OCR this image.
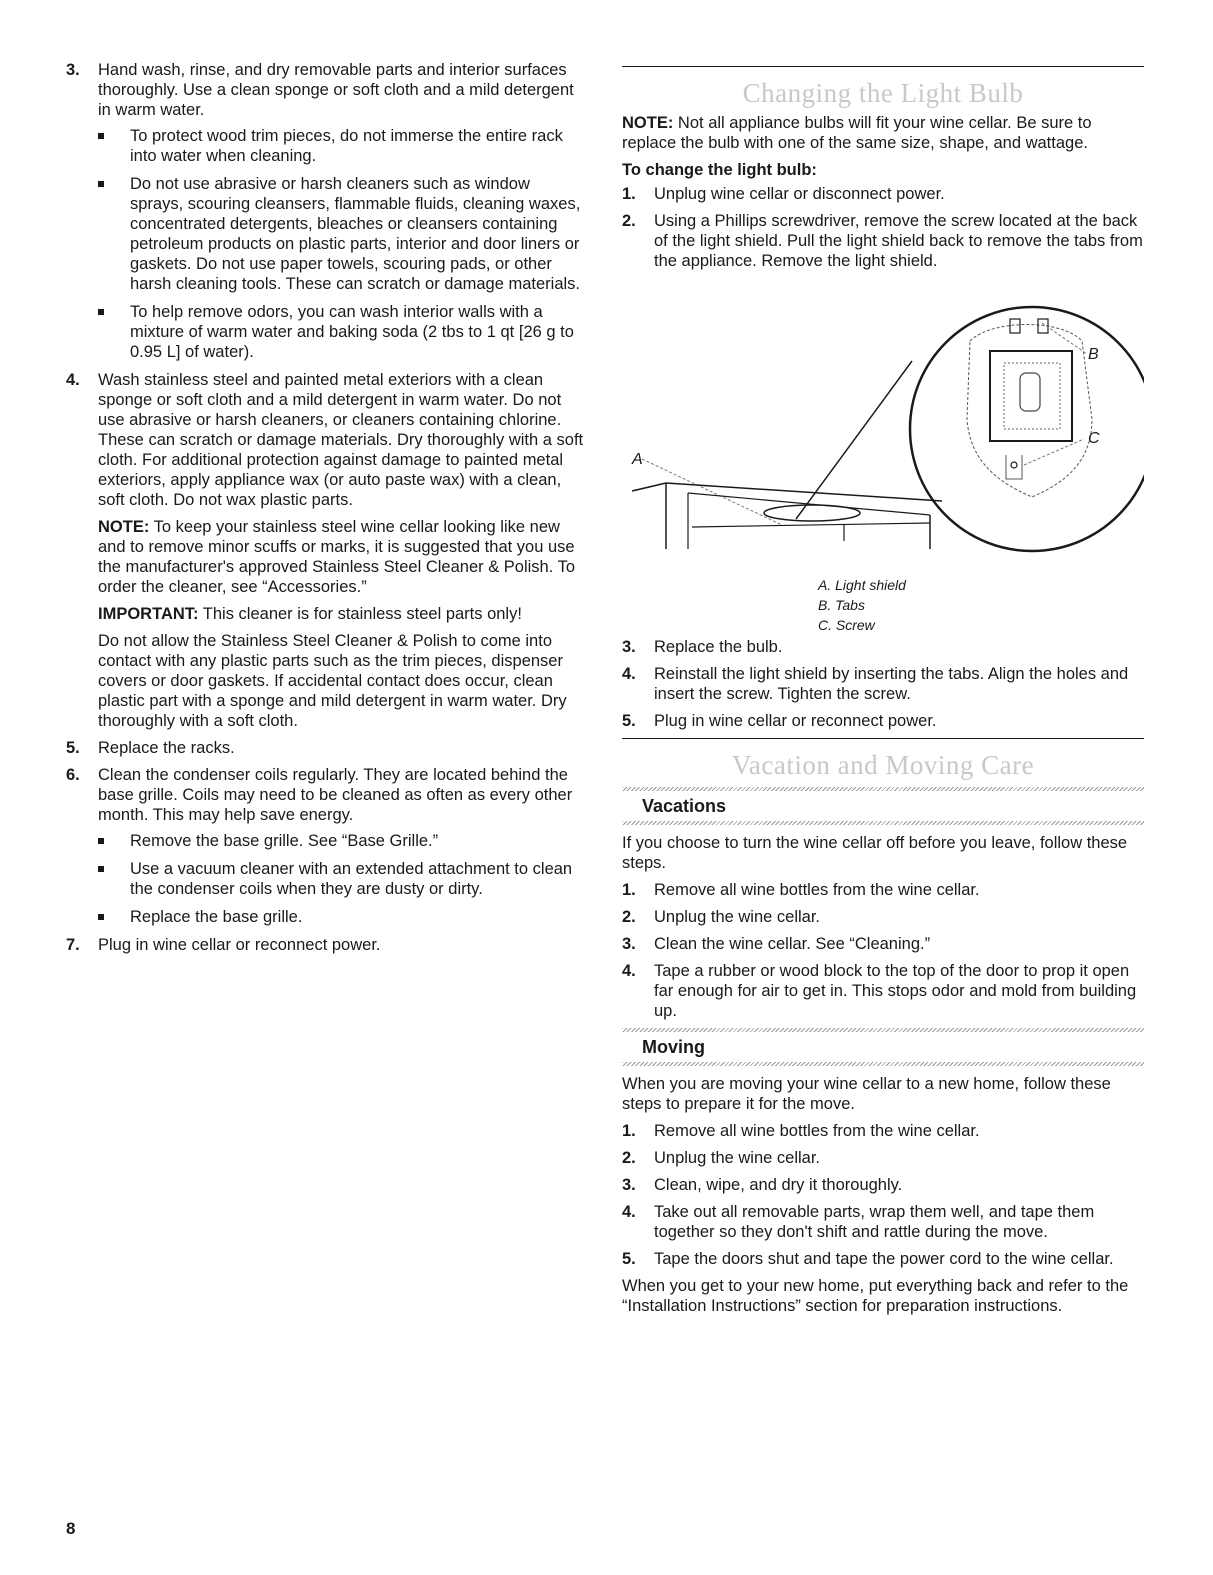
3. Hand wash, rinse, and dry removable parts and interior surfaces thoroughly. Use a clean sponge or soft cloth and a mild detergent in warm water.
To protect wood trim pieces, do not immerse the entire rack into water when cleaning.
Do not use abrasive or harsh cleaners such as window sprays, scouring cleansers, flammable fluids, cleaning waxes, concentrated detergents, bleaches or cleansers containing petroleum products on plastic parts, interior and door liners or gaskets. Do not use paper towels, scouring pads, or other harsh cleaning tools. These can scratch or damage materials.
To help remove odors, you can wash interior walls with a mixture of warm water and baking soda (2 tbs to 1 qt [26 g to 0.95 L] of water).
4. Wash stainless steel and painted metal exteriors with a clean sponge or soft cloth and a mild detergent in warm water. Do not use abrasive or harsh cleaners, or cleaners containing chlorine. These can scratch or damage materials. Dry thoroughly with a soft cloth. For additional protection against damage to painted metal exteriors, apply appliance wax (or auto paste wax) with a clean, soft cloth. Do not wax plastic parts.

NOTE: To keep your stainless steel wine cellar looking like new and to remove minor scuffs or marks, it is suggested that you use the manufacturer's approved Stainless Steel Cleaner & Polish. To order the cleaner, see “Accessories.”

IMPORTANT: This cleaner is for stainless steel parts only!

Do not allow the Stainless Steel Cleaner & Polish to come into contact with any plastic parts such as the trim pieces, dispenser covers or door gaskets. If accidental contact does occur, clean plastic part with a sponge and mild detergent in warm water. Dry thoroughly with a soft cloth.

5. Replace the racks.
6. Clean the condenser coils regularly. They are located behind the base grille. Coils may need to be cleaned as often as every other month. This may help save energy.
Remove the base grille. See “Base Grille.”
Use a vacuum cleaner with an extended attachment to clean the condenser coils when they are dusty or dirty.
Replace the base grille.
7. Plug in wine cellar or reconnect power.
Changing the Light Bulb

NOTE: Not all appliance bulbs will fit your wine cellar. Be sure to replace the bulb with one of the same size, shape, and wattage.

To change the light bulb:
1. Unplug wine cellar or disconnect power.
2. Using a Phillips screwdriver, remove the screw located at the back of the light shield. Pull the light shield back to remove the tabs from the appliance. Remove the light shield.
A
B
C
A. Light shield
B. Tabs
C. Screw
3. Replace the bulb.
4. Reinstall the light shield by inserting the tabs. Align the holes and insert the screw. Tighten the screw.
5. Plug in wine cellar or reconnect power.
Vacation and Moving Care
Vacations

If you choose to turn the wine cellar off before you leave, follow these steps.

1. Remove all wine bottles from the wine cellar.
2. Unplug the wine cellar.
3. Clean the wine cellar. See “Cleaning.”
4. Tape a rubber or wood block to the top of the door to prop it open far enough for air to get in. This stops odor and mold from building up.
Moving

When you are moving your wine cellar to a new home, follow these steps to prepare it for the move.

1. Remove all wine bottles from the wine cellar.
2. Unplug the wine cellar.
3. Clean, wipe, and dry it thoroughly.
4. Take out all removable parts, wrap them well, and tape them together so they don't shift and rattle during the move.
5. Tape the doors shut and tape the power cord to the wine cellar.

When you get to your new home, put everything back and refer to the “Installation Instructions” section for preparation instructions.

8
